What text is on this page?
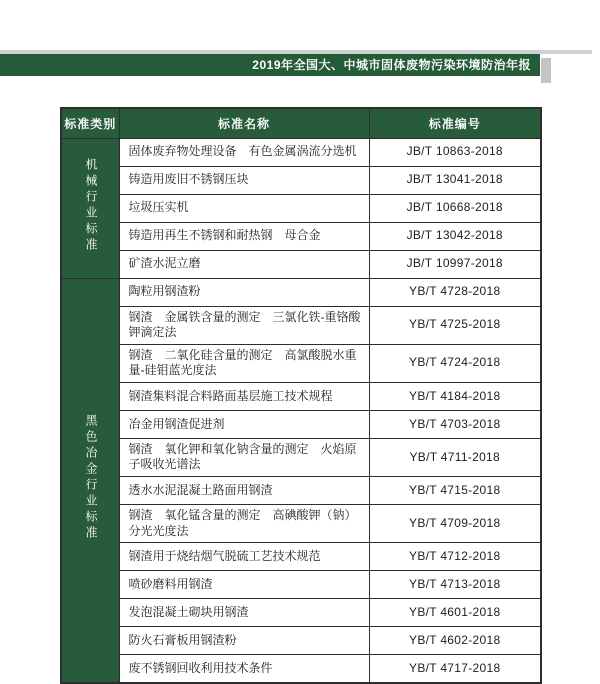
2019年全国大、中城市固体废物污染环境防治年报
标准类别	标准名称	标准编号
机械行业标准	固体废弃物处理设备　有色金属涡流分选机	JB/T 10863-2018
	铸造用废旧不锈钢压块	JB/T 13041-2018
	垃圾压实机	JB/T 10668-2018
	铸造用再生不锈钢和耐热钢　母合金	JB/T 13042-2018
	矿渣水泥立磨	JB/T 10997-2018
黑色冶金行业标准	陶粒用钢渣粉	YB/T 4728-2018
	钢渣　金属铁含量的测定　三氯化铁-重铬酸钾滴定法	YB/T 4725-2018
	钢渣　二氧化硅含量的测定　高氯酸脱水重量-硅钼蓝光度法	YB/T 4724-2018
	钢渣集料混合料路面基层施工技术规程	YB/T 4184-2018
	冶金用钢渣促进剂	YB/T 4703-2018
	钢渣　氧化钾和氧化钠含量的测定　火焰原子吸收光谱法	YB/T 4711-2018
	透水水泥混凝土路面用钢渣	YB/T 4715-2018
	钢渣　氧化锰含量的测定　高碘酸钾（钠）　分光光度法	YB/T 4709-2018
	钢渣用于烧结烟气脱硫工艺技术规范	YB/T 4712-2018
	喷砂磨料用钢渣	YB/T 4713-2018
	发泡混凝土砌块用钢渣	YB/T 4601-2018
	防火石膏板用钢渣粉	YB/T 4602-2018
	废不锈钢回收利用技术条件	YB/T 4717-2018
